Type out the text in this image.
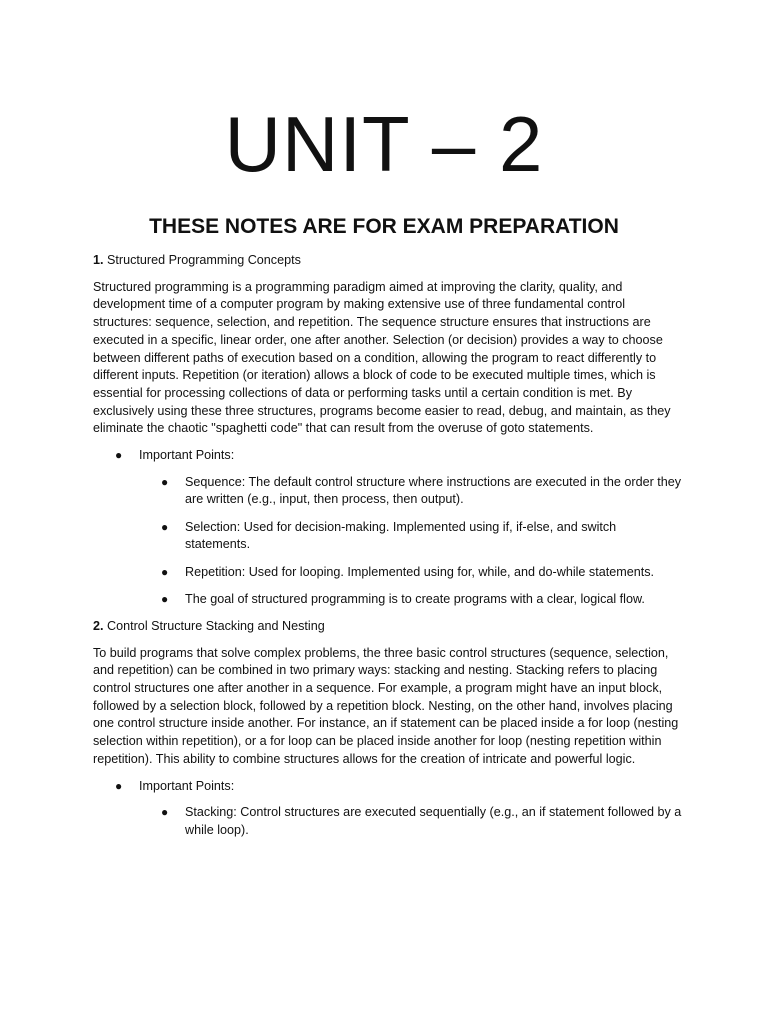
UNIT – 2
THESE NOTES ARE FOR EXAM PREPARATION
1. Structured Programming Concepts

Structured programming is a programming paradigm aimed at improving the clarity, quality, and development time of a computer program by making extensive use of three fundamental control structures: sequence, selection, and repetition. The sequence structure ensures that instructions are executed in a specific, linear order, one after another. Selection (or decision) provides a way to choose between different paths of execution based on a condition, allowing the program to react differently to different inputs. Repetition (or iteration) allows a block of code to be executed multiple times, which is essential for processing collections of data or performing tasks until a certain condition is met. By exclusively using these three structures, programs become easier to read, debug, and maintain, as they eliminate the chaotic "spaghetti code" that can result from the overuse of goto statements.

● Important Points:
● Sequence: The default control structure where instructions are executed in the order they are written (e.g., input, then process, then output).
● Selection: Used for decision-making. Implemented using if, if-else, and switch statements.
● Repetition: Used for looping. Implemented using for, while, and do-while statements.
● The goal of structured programming is to create programs with a clear, logical flow.
2. Control Structure Stacking and Nesting

To build programs that solve complex problems, the three basic control structures (sequence, selection, and repetition) can be combined in two primary ways: stacking and nesting. Stacking refers to placing control structures one after another in a sequence. For example, a program might have an input block, followed by a selection block, followed by a repetition block. Nesting, on the other hand, involves placing one control structure inside another. For instance, an if statement can be placed inside a for loop (nesting selection within repetition), or a for loop can be placed inside another for loop (nesting repetition within repetition). This ability to combine structures allows for the creation of intricate and powerful logic.

● Important Points:
● Stacking: Control structures are executed sequentially (e.g., an if statement followed by a while loop).
